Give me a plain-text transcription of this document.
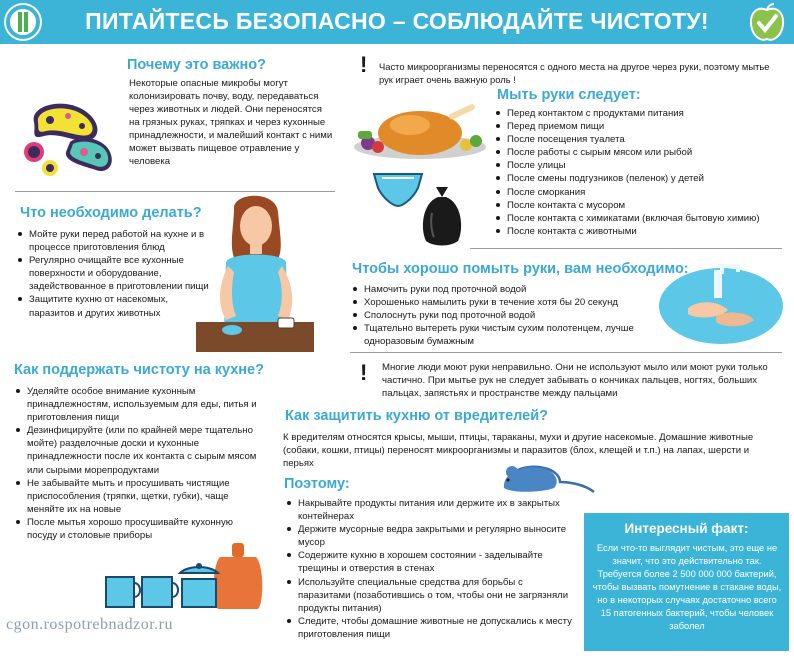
ПИТАЙТЕСЬ БЕЗОПАСНО – СОБЛЮДАЙТЕ ЧИСТОТУ!
Почему это важно?
Некоторые опасные микробы могут колонизировать почву, воду, передаваться через животных и людей. Они переносятся на грязных руках, тряпках и через кухонные принадлежности, и малейший контакт с ними может вызвать пищевое отравление у человека
! Часто микроорганизмы переносятся с одного места на другое через руки, поэтому мытье рук играет очень важную роль !
Мыть руки следует:
Перед контактом с продуктами питания
Перед приемом пищи
После посещения туалета
После работы с сырым мясом или рыбой
После улицы
После смены подгузников (пеленок) у детей
После сморкания
После контакта с мусором
После контакта с химикатами (включая бытовую химию)
После контакта с животными
Что необходимо делать?
Мойте руки перед работой на кухне и в процессе приготовления блюд
Регулярно очищайте все кухонные поверхности и оборудование, задействованное в приготовлении пищи
Защитите кухню от насекомых, паразитов и других животных
Чтобы хорошо помыть руки, вам необходимо:
Намочить руки под проточной водой
Хорошенько намылить руки в течение хотя бы 20 секунд
Сполоснуть руки под проточной водой
Тщательно вытереть руки чистым сухим полотенцем, лучше одноразовым бумажным
! Многие люди моют руки неправильно. Они не используют мыло или моют руки только частично. При мытье рук не следует забывать о кончиках пальцев, ногтях, больших пальцах, запястьях и пространстве между пальцами
Как поддержать чистоту на кухне?
Уделяйте особое внимание кухонным принадлежностям, используемым для еды, питья и приготовления пищи
Дезинфицируйте (или по крайней мере тщательно мойте) разделочные доски и кухонные принадлежности после их контакта с сырым мясом или сырыми морепродуктами
Не забывайте мыть и просушивать чистящие приспособления (тряпки, щетки, губки), чаще меняйте их на новые
После мытья хорошо просушивайте кухонную посуду и столовые приборы
Как защитить кухню от вредителей?
К вредителям относятся крысы, мыши, птицы, тараканы, мухи и другие насекомые. Домашние животные (собаки, кошки, птицы) переносят микроорганизмы и паразитов (блох, клещей и т.п.) на лапах, шерсти и перьях
Поэтому:
Накрывайте продукты питания или держите их в закрытых контейнерах
Держите мусорные ведра закрытыми и регулярно выносите мусор
Содержите кухню в хорошем состоянии - заделывайте трещины и отверстия в стенах
Используйте специальные средства для борьбы с паразитами (позаботившись о том, чтобы они не загрязняли продукты питания)
Следите, чтобы домашние животные не допускались к месту приготовления пищи
Интересный факт:
Если что-то выглядит чистым, это еще не значит, что это действительно так. Требуется более 2 500 000 000 бактерий, чтобы вызвать помутнение в стакане воды, но в некоторых случаях достаточно всего 15 патогенных бактерий, чтобы человек заболел
cgon.rospotrebnadzor.ru
